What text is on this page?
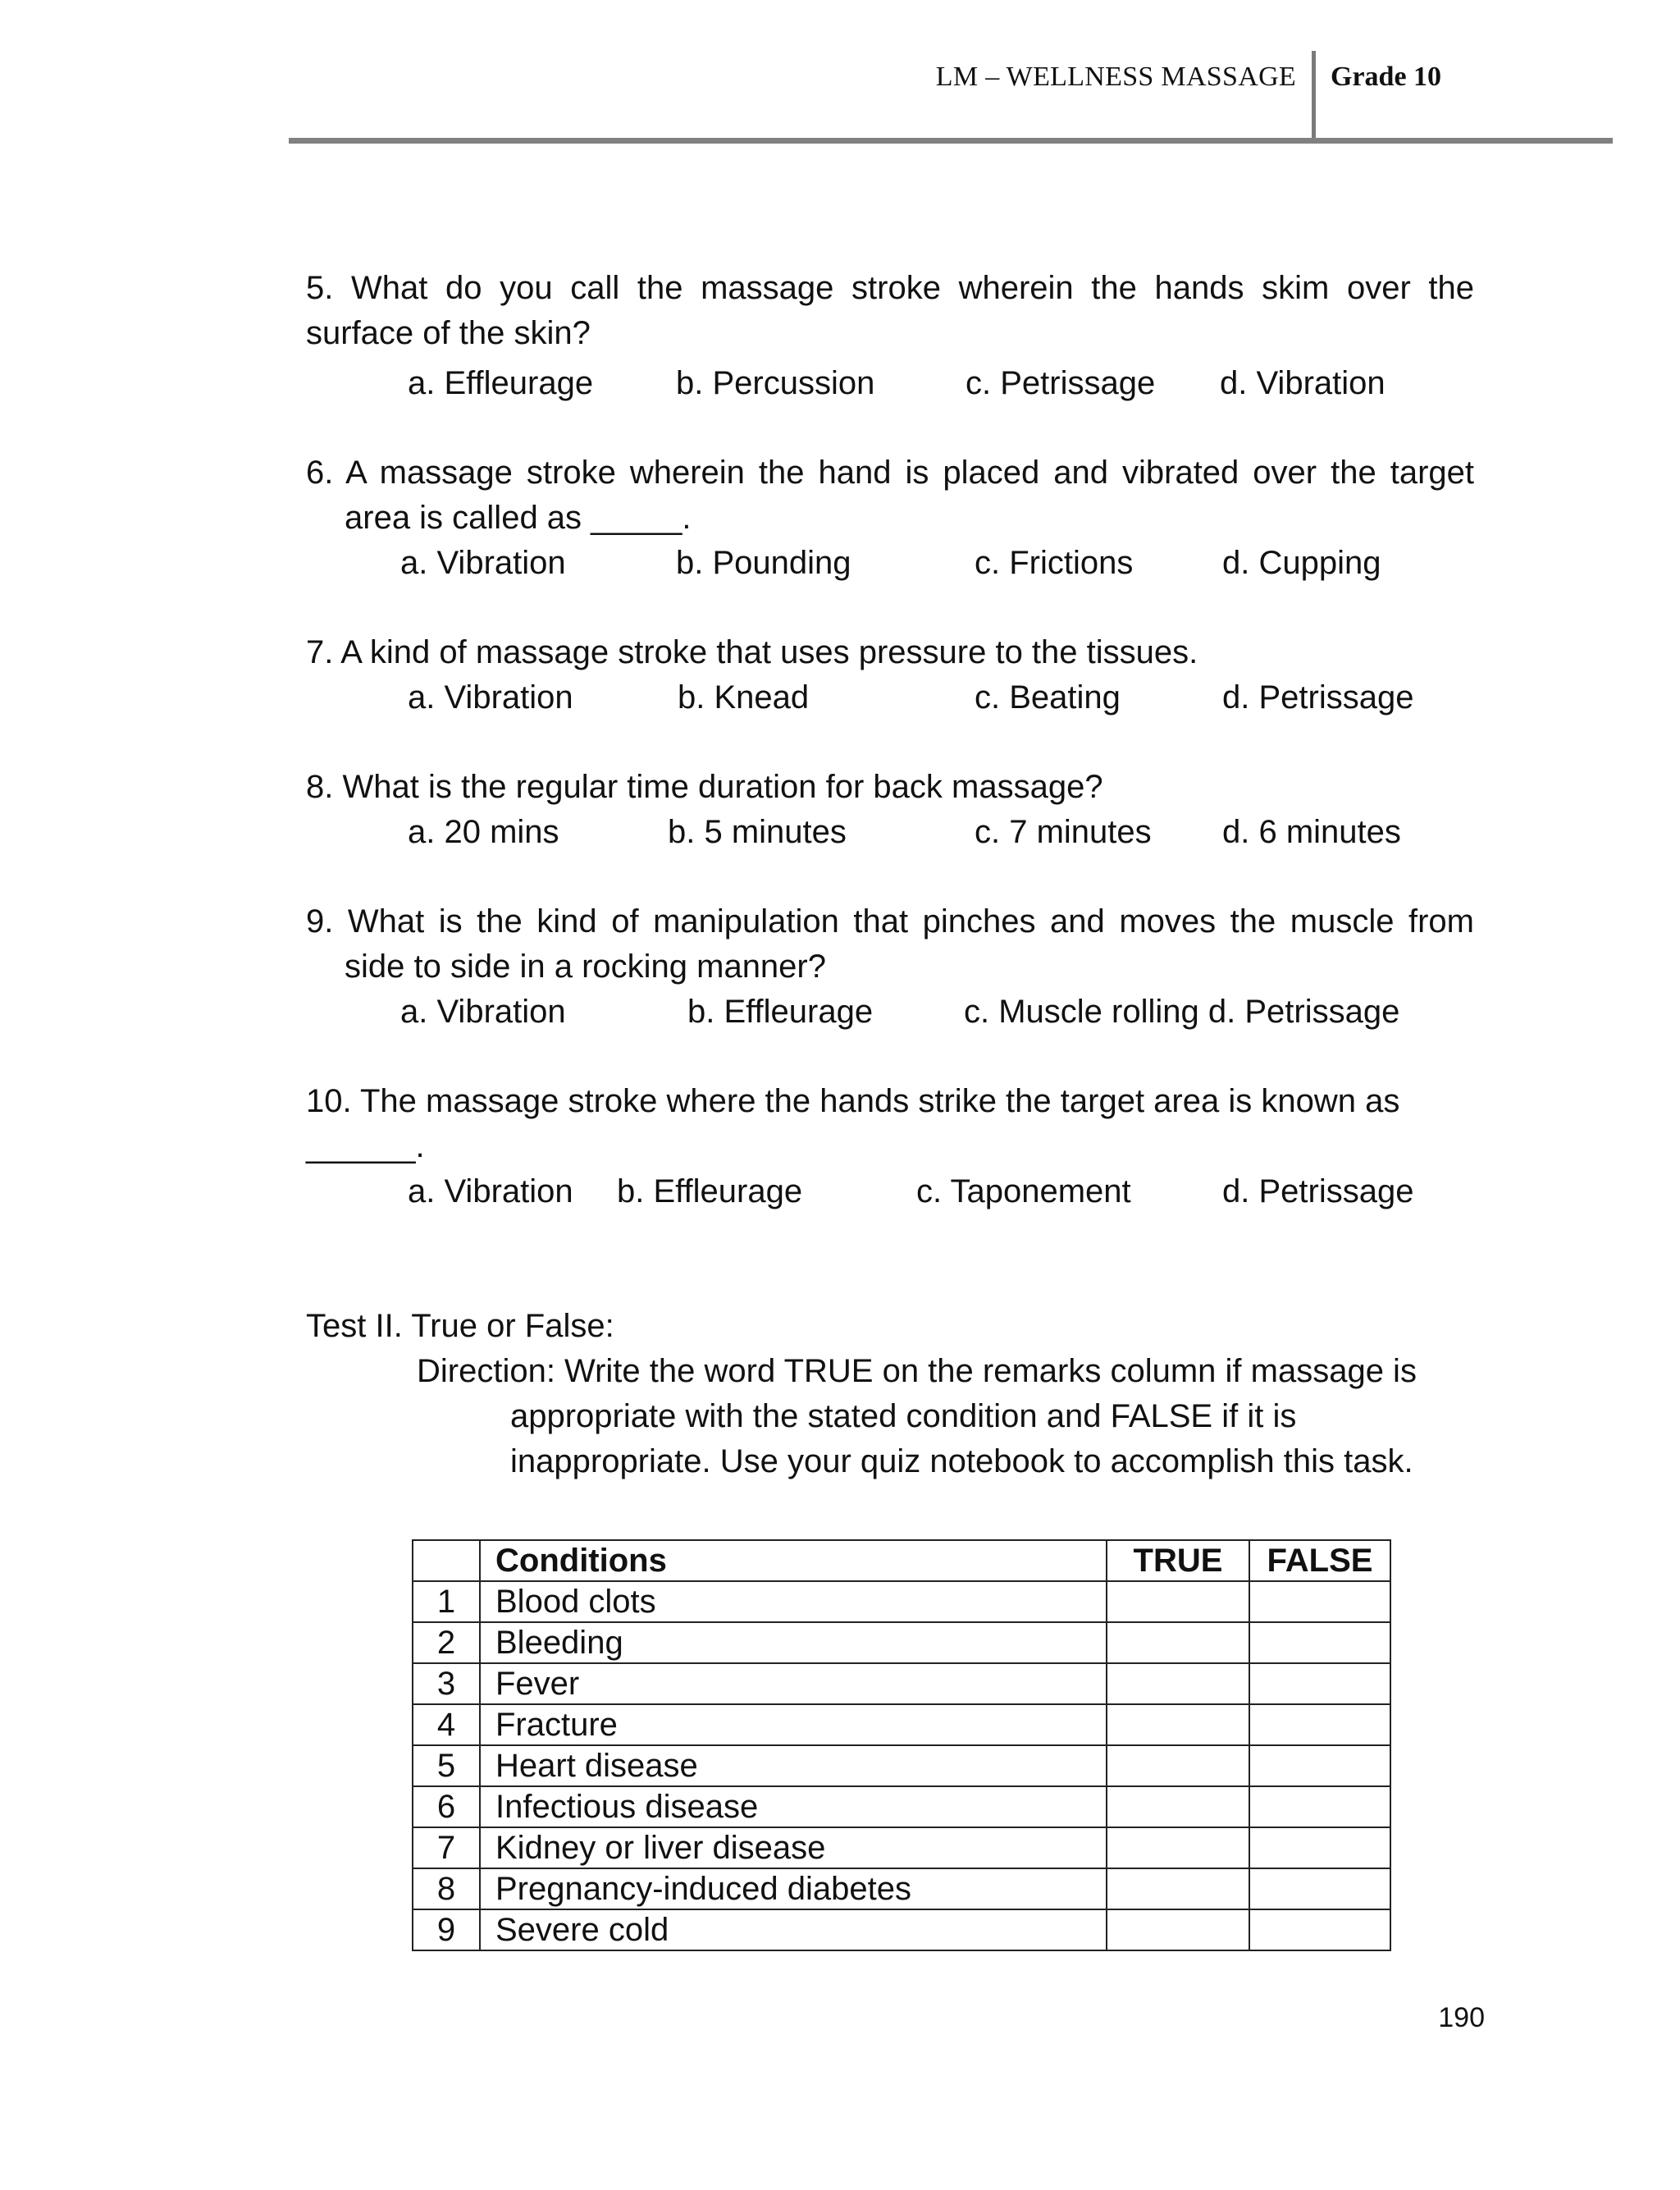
LM – WELLNESS MASSAGE Grade 10
5. What do you call the massage stroke wherein the hands skim over the
surface of the skin?
a. Effleurage	b. Percussion	c. Petrissage d. Vibration
6. A massage stroke wherein the hand is placed and vibrated over the target
area is called as _____.
a. Vibration	b. Pounding	c. Frictions	d. Cupping
7. A kind of massage stroke that uses pressure to the tissues.
a. Vibration	b. Knead	c. Beating	d. Petrissage
8. What is the regular time duration for back massage?
a. 20 mins	b. 5 minutes	c. 7 minutes d. 6 minutes
9. What is the kind of manipulation that pinches and moves the muscle from
side to side in a rocking manner?
a. Vibration	b. Effleurage	c. Muscle rolling d. Petrissage
10. The massage stroke where the hands strike the target area is known as
______.
a. Vibration b. Effleurage	c. Taponement	d. Petrissage
Test II. True or False:
Direction: Write the word TRUE on the remarks column if massage is
appropriate with the stated condition and FALSE if it is
inappropriate. Use your quiz notebook to accomplish this task.
	Conditions	TRUE	FALSE
1	Blood clots		
2	Bleeding		
3	Fever		
4	Fracture		
5	Heart disease		
6	Infectious disease		
7	Kidney or liver disease		
8	Pregnancy-induced diabetes		
9	Severe cold		
190
